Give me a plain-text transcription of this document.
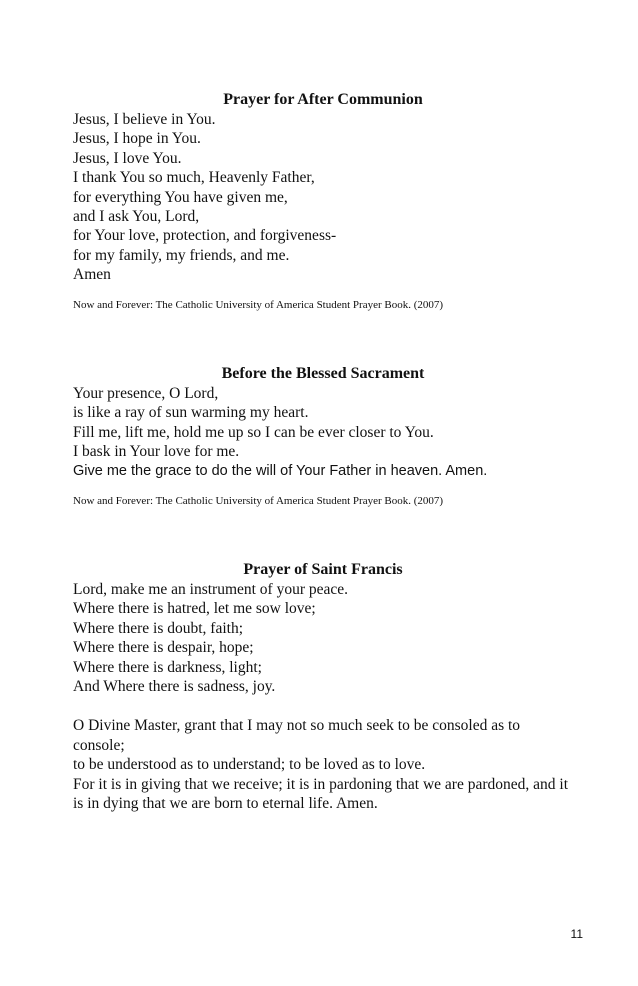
Prayer for After Communion
Jesus, I believe in You.
Jesus, I hope in You.
Jesus, I love You.
I thank You so much, Heavenly Father,
for everything You have given me,
and I ask You, Lord,
for Your love, protection, and forgiveness-
for my family, my friends, and me.
Amen
Now and Forever: The Catholic University of America Student Prayer Book. (2007)
Before the Blessed Sacrament
Your presence, O Lord,
is like a ray of sun warming my heart.
Fill me, lift me, hold me up so I can be ever closer to You.
I bask in Your love for me.
Give me the grace to do the will of Your Father in heaven. Amen.
Now and Forever: The Catholic University of America Student Prayer Book. (2007)
Prayer of Saint Francis
Lord, make me an instrument of your peace.
Where there is hatred, let me sow love;
Where there is doubt, faith;
Where there is despair, hope;
Where there is darkness, light;
And Where there is sadness, joy.
O Divine Master, grant that I may not so much seek to be consoled as to console;
to be understood as to understand; to be loved as to love.
For it is in giving that we receive; it is in pardoning that we are pardoned, and it is in dying that we are born to eternal life. Amen.
11
